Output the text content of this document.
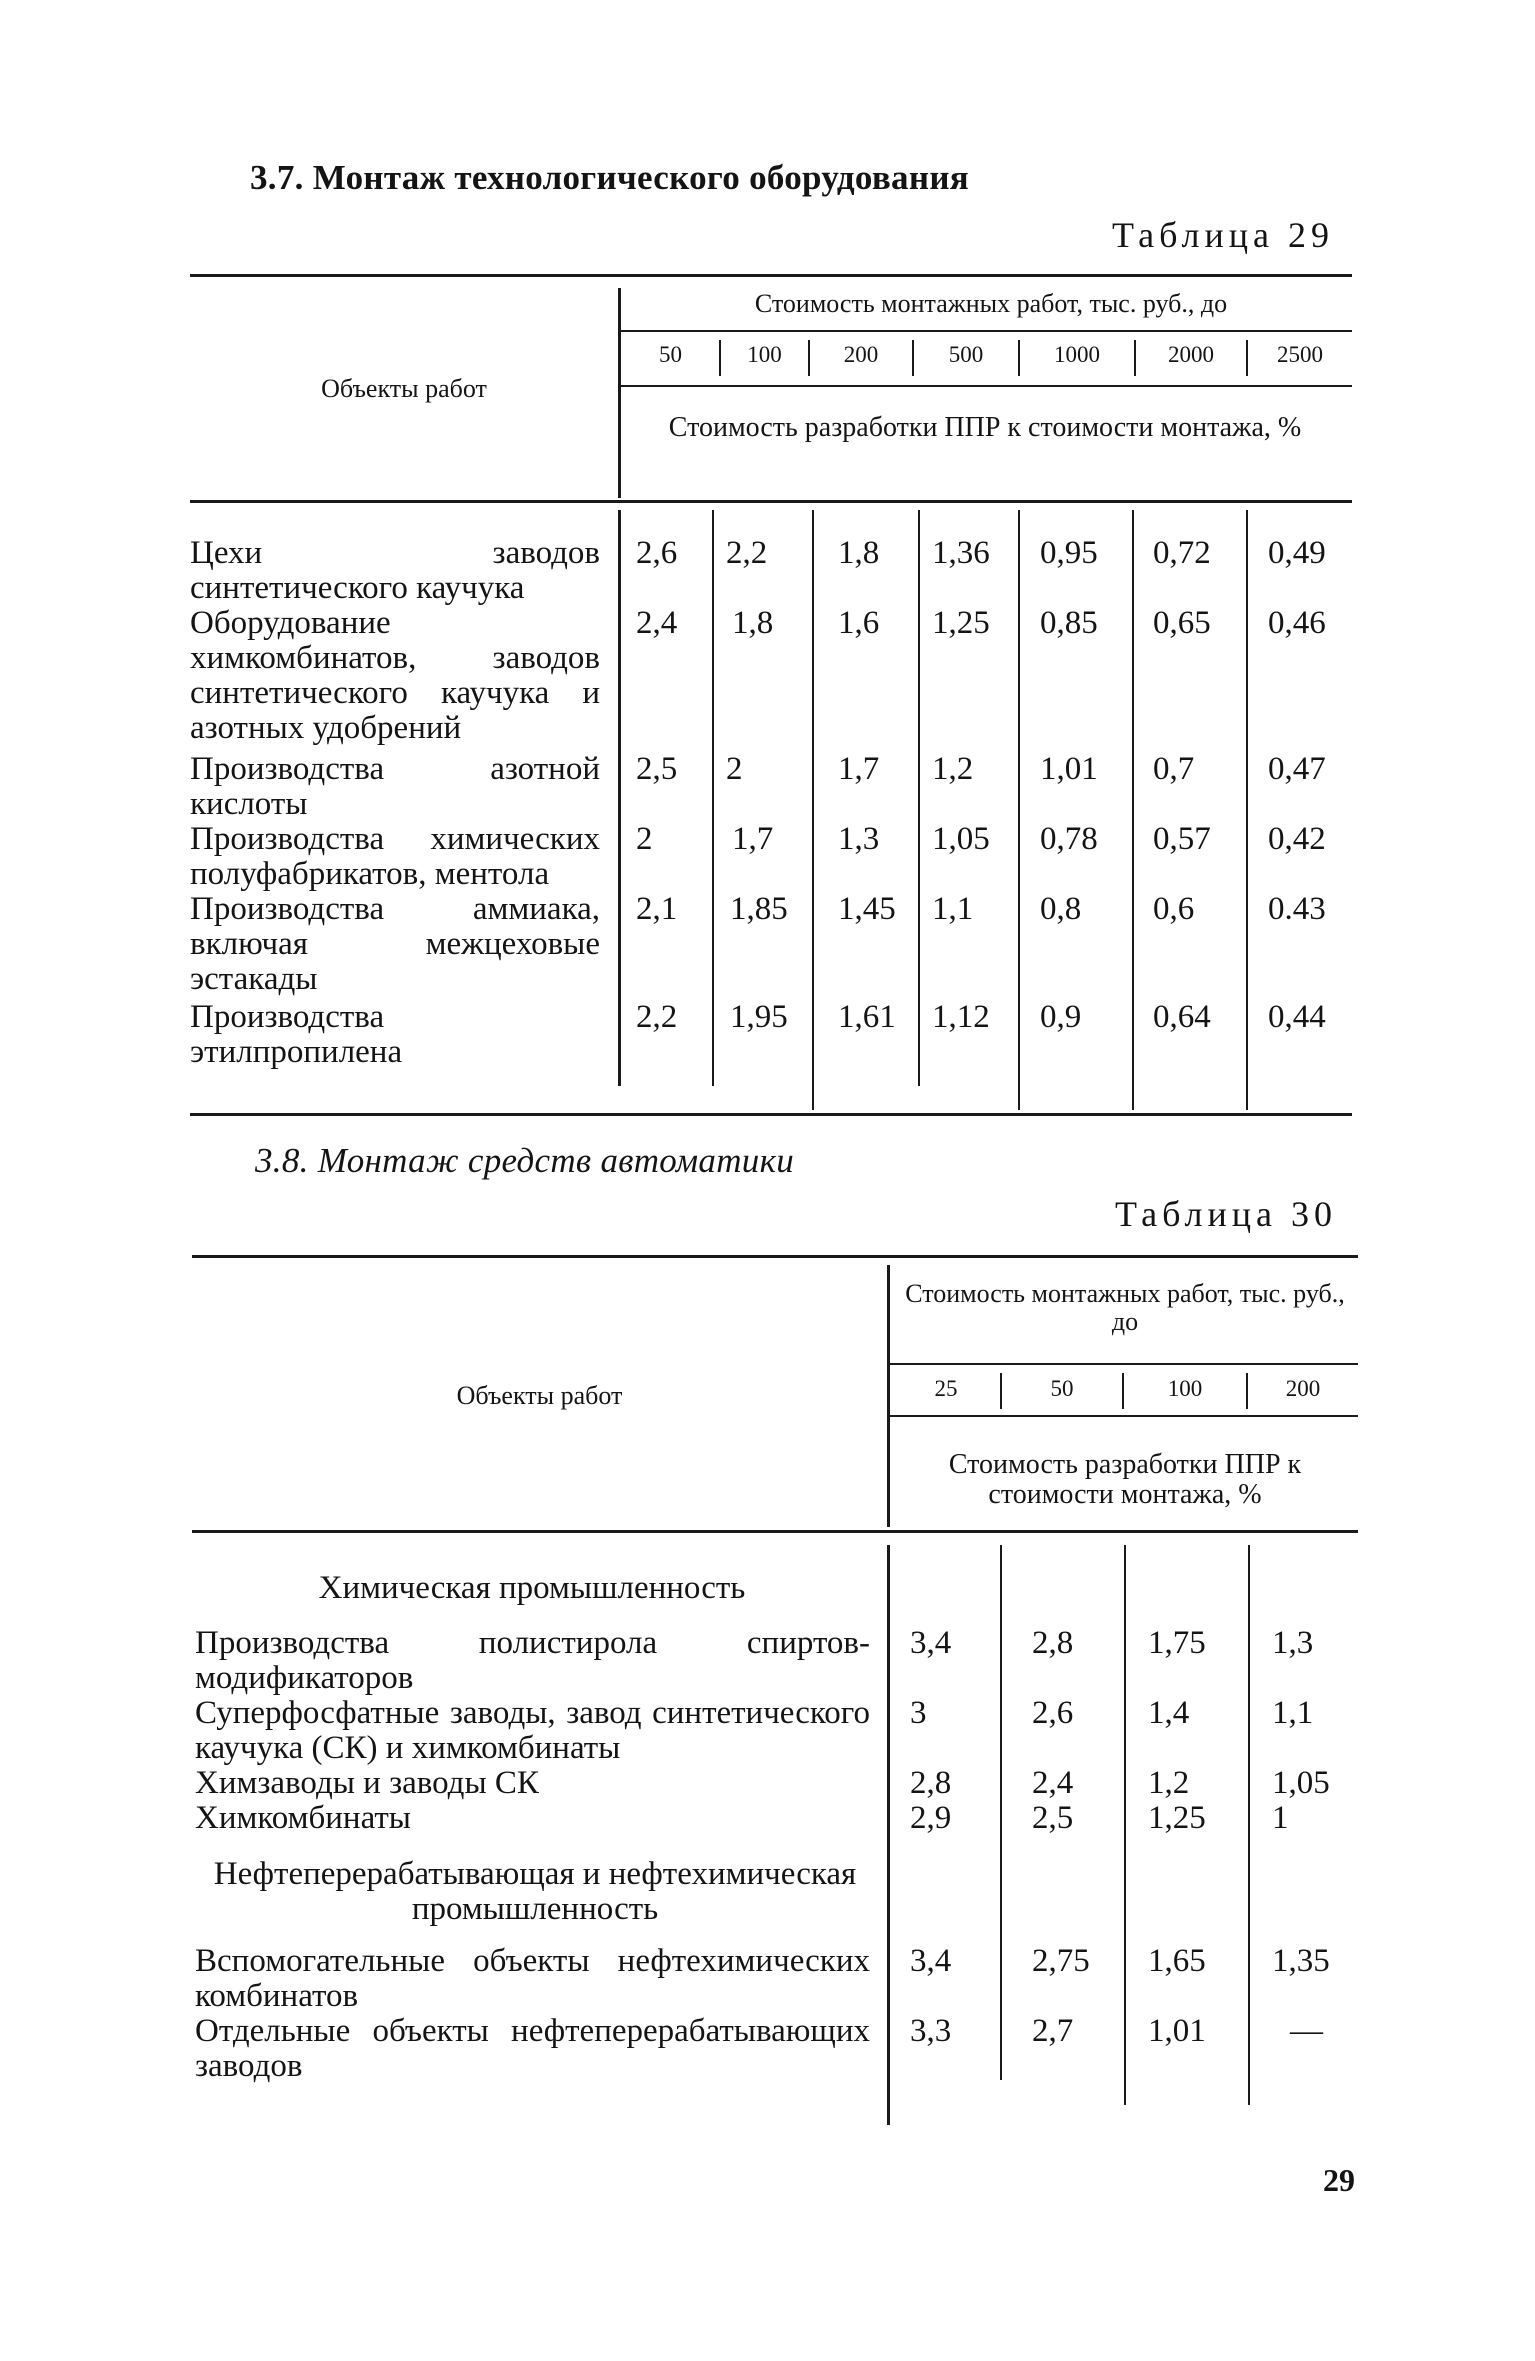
3.7. Монтаж технологического оборудования
Таблица 29
Объекты работ
Стоимость монтажных работ, тыс. руб., до
50	100	200	500	1000	2000	2500
Стоимость разработки ППР к стоимости монтажа, %
Цехи заводов синтетического каучука
2,6 2,2 1,8 1,36 0,95 0,72 0,49
Оборудование химкомбинатов, заводов синтетического каучука и азотных удобрений
2,4 1,8 1,6 1,25 0,85 0,65 0,46
Производства азотной кислоты
2,5 2	1,7 1,2 1,01 0,7 0,47
Производства химических полуфабрикатов, ментола
2 1,7 1,3 1,05 0,78 0,57 0,42
Производства аммиака, включая межцеховые эстакады
2,1 1,85 1,45 1,1 0,8 0,6 0.43
Производства этилпропилена
2,2 1,95 1,61 1,12 0,9 0,64 0,44
3.8. Монтаж средств автоматики
Таблица 30
Объекты работ
Стоимость монтажных работ, тыс. руб., до
25	50	100	200
Стоимость разработки ППР к стоимости монтажа, %
Химическая промышленность
Производства полистирола спиртов-модификаторов
3,4 2,8 1,75 1,3
Суперфосфатные заводы, завод синтетического каучука (СК) и химкомбинаты
3	2,6 1,4	1,1
Химзаводы и заводы СК	2,8 2,4 1,2	1,05
Химкомбинаты	2,9 2,5 1,25 1
Нефтеперерабатывающая и нефтехимическая промышленность
Вспомогательные объекты нефтехимических комбинатов
3,4 2,75 1,65 1,35
Отдельные объекты нефтеперерабатывающих заводов
3,3 2,7 1,01	—
29
